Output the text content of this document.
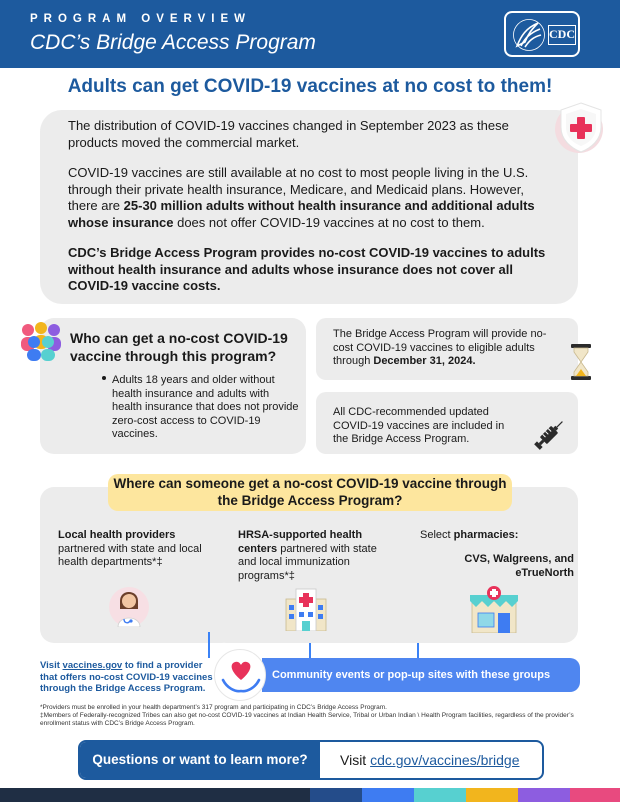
PROGRAM OVERVIEW
CDC’s Bridge Access Program	CDC
Adults can get COVID-19 vaccines at no cost to them!

The distribution of COVID-19 vaccines changed in September 2023 as these products moved the commercial market.

COVID-19 vaccines are still available at no cost to most people living in the U.S. through their private health insurance, Medicare, and Medicaid plans. However, there are 25-30 million adults without health insurance and additional adults whose insurance does not offer COVID-19 vaccines at no cost to them.

CDC’s Bridge Access Program provides no-cost COVID-19 vaccines to adults without health insurance and adults whose insurance does not cover all COVID-19 vaccine costs.

Who can get a no-cost COVID-19 vaccine through this program?
Adults 18 years and older without health insurance and adults with health insurance that does not provide zero-cost access to COVID-19 vaccines.
The Bridge Access Program will provide no-cost COVID-19 vaccines to eligible adults through December 31, 2024.
All CDC-recommended updated COVID-19 vaccines are included in the Bridge Access Program.
Local health providers
partnered with state and local health departments*‡
HRSA-supported health centers partnered with state and local immunization programs*‡
Select pharmacies:
CVS, Walgreens, and eTrueNorth
Where can someone get a no-cost COVID-19 vaccine through the Bridge Access Program?
Community events or pop-up sites with these groups
Visit vaccines.gov to find a provider that offers no-cost COVID-19 vaccines through the Bridge Access Program.
*Providers must be enrolled in your health department’s 317 program and participating in CDC’s Bridge Access Program.
‡Members of Federally-recognized Tribes can also get no-cost COVID-19 vaccines at Indian Health Service, Tribal or Urban Indian \ Health Program facilities, regardless of the provider’s enrollment status with CDC’s Bridge Access Program.
Questions or want to learn more?	Visit cdc.gov/vaccines/bridge
